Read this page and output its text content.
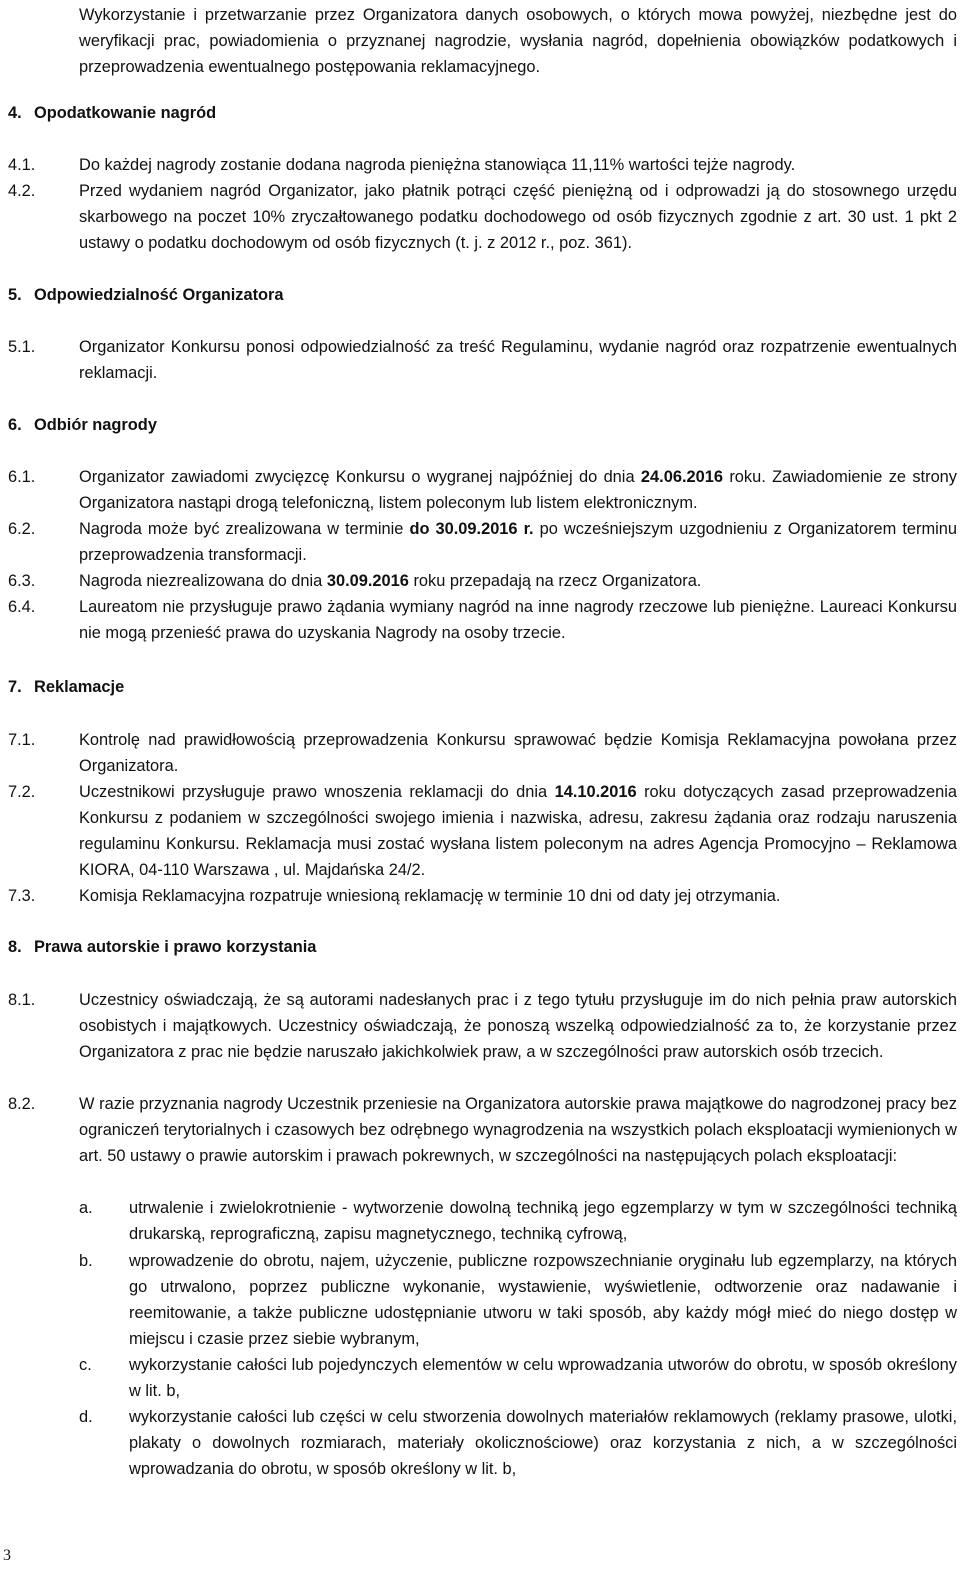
Wykorzystanie i przetwarzanie przez Organizatora danych osobowych, o których mowa powyżej, niezbędne jest do weryfikacji prac, powiadomienia o przyznanej nagrodzie, wysłania nagród, dopełnienia obowiązków podatkowych i przeprowadzenia ewentualnego postępowania reklamacyjnego.
4. Opodatkowanie nagród
4.1.	Do każdej nagrody zostanie dodana nagroda pieniężna stanowiąca 11,11% wartości tejże nagrody.
4.2.	Przed wydaniem nagród Organizator, jako płatnik potrąci część pieniężną od i odprowadzi ją do stosownego urzędu skarbowego na poczet 10% zryczałtowanego podatku dochodowego od osób fizycznych zgodnie z art. 30 ust. 1 pkt 2 ustawy o podatku dochodowym od osób fizycznych (t. j. z 2012 r., poz. 361).
5. Odpowiedzialność Organizatora
5.1.	Organizator Konkursu ponosi odpowiedzialność za treść Regulaminu, wydanie nagród oraz rozpatrzenie ewentualnych reklamacji.
6. Odbiór nagrody
6.1.	Organizator zawiadomi zwycięzcę Konkursu o wygranej najpóźniej do dnia 24.06.2016 roku. Zawiadomienie ze strony Organizatora nastąpi drogą telefoniczną, listem poleconym lub listem elektronicznym.
6.2.	Nagroda może być zrealizowana w terminie do 30.09.2016 r. po wcześniejszym uzgodnieniu z Organizatorem terminu przeprowadzenia transformacji.
6.3.	Nagroda niezrealizowana do dnia 30.09.2016 roku przepadają na rzecz Organizatora.
6.4.	Laureatom nie przysługuje prawo żądania wymiany nagród na inne nagrody rzeczowe lub pieniężne. Laureaci Konkursu nie mogą przenieść prawa do uzyskania Nagrody na osoby trzecie.
7. Reklamacje
7.1.	Kontrolę nad prawidłowością przeprowadzenia Konkursu sprawować będzie Komisja Reklamacyjna powołana przez Organizatora.
7.2.	Uczestnikowi przysługuje prawo wnoszenia reklamacji do dnia 14.10.2016 roku dotyczących zasad przeprowadzenia Konkursu z podaniem w szczególności swojego imienia i nazwiska, adresu, zakresu żądania oraz rodzaju naruszenia regulaminu Konkursu. Reklamacja musi zostać wysłana listem poleconym na adres Agencja Promocyjno – Reklamowa KIORA, 04-110 Warszawa , ul. Majdańska 24/2.
7.3.	Komisja Reklamacyjna rozpatruje wniesioną reklamację w terminie 10 dni od daty jej otrzymania.
8. Prawa autorskie i prawo korzystania
8.1.	Uczestnicy oświadczają, że są autorami nadesłanych prac i z tego tytułu przysługuje im do nich pełnia praw autorskich osobistych i majątkowych. Uczestnicy oświadczają, że ponoszą wszelką odpowiedzialność za to, że korzystanie przez Organizatora z prac nie będzie naruszało jakichkolwiek praw, a w szczególności praw autorskich osób trzecich.
8.2.	W razie przyznania nagrody Uczestnik przeniesie na Organizatora autorskie prawa majątkowe do nagrodzonej pracy bez ograniczeń terytorialnych i czasowych bez odrębnego wynagrodzenia na wszystkich polach eksploatacji wymienionych w art. 50 ustawy o prawie autorskim i prawach pokrewnych, w szczególności na następujących polach eksploatacji:
a.	utrwalenie i zwielokrotnienie - wytworzenie dowolną techniką jego egzemplarzy w tym w szczególności techniką drukarską, reprograficzną, zapisu magnetycznego, techniką cyfrową,
b.	wprowadzenie do obrotu, najem, użyczenie, publiczne rozpowszechnianie oryginału lub egzemplarzy, na których go utrwalono, poprzez publiczne wykonanie, wystawienie, wyświetlenie, odtworzenie oraz nadawanie i reemitowanie, a także publiczne udostępnianie utworu w taki sposób, aby każdy mógł mieć do niego dostęp w miejscu i czasie przez siebie wybranym,
c.	wykorzystanie całości lub pojedynczych elementów w celu wprowadzania utworów do obrotu, w sposób określony w lit. b,
d.	wykorzystanie całości lub części w celu stworzenia dowolnych materiałów reklamowych (reklamy prasowe, ulotki, plakaty o dowolnych rozmiarach, materiały okolicznościowe) oraz korzystania z nich, a w szczególności wprowadzania do obrotu, w sposób określony w lit. b,
3
